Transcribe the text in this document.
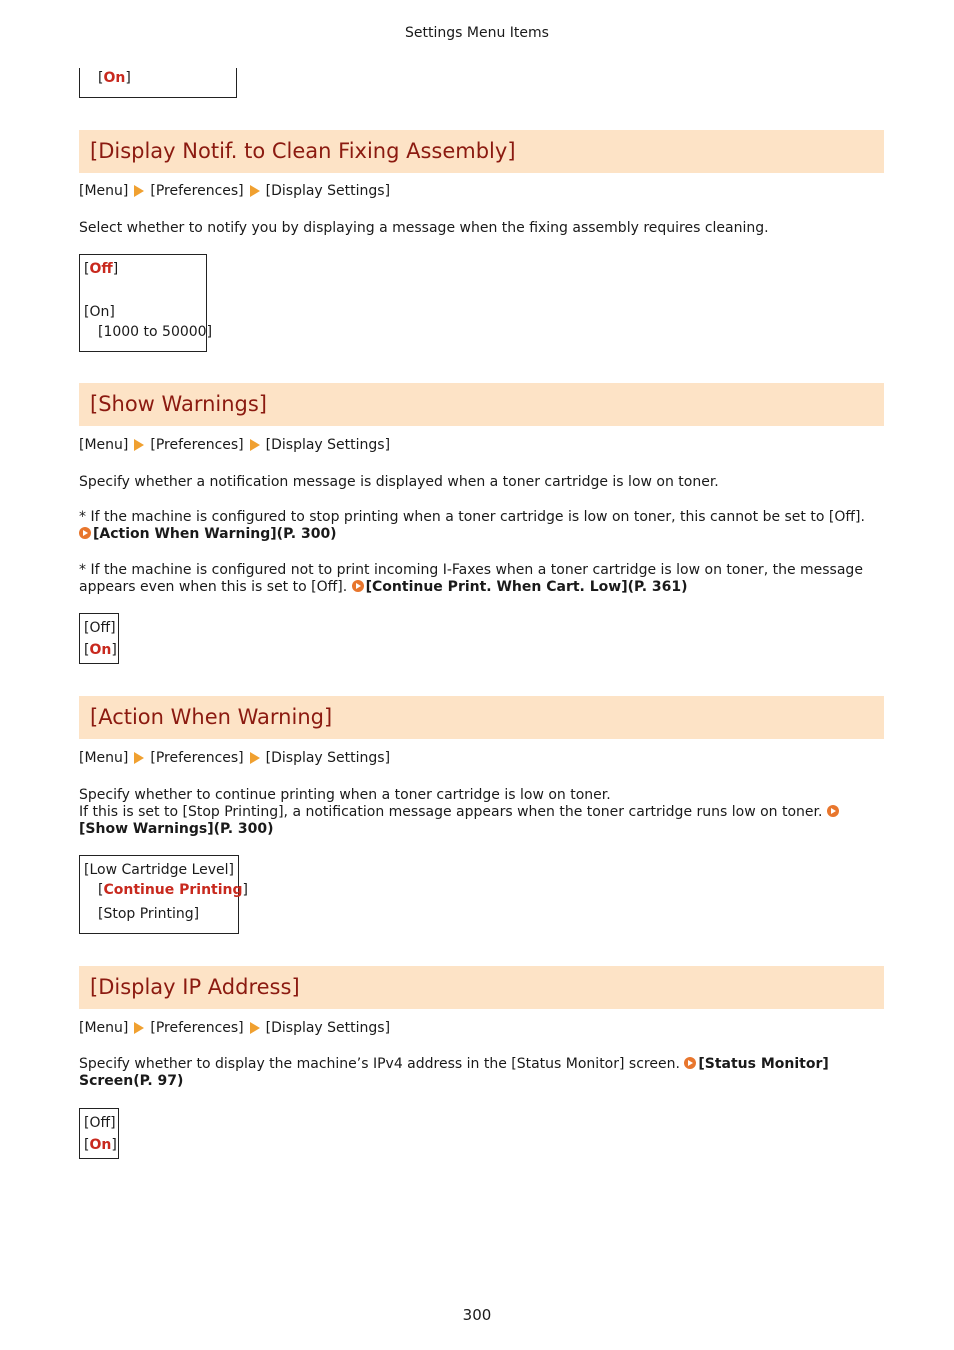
Settings Menu Items
[On]
[Display Notif. to Clean Fixing Assembly]
[Menu] [Preferences] [Display Settings]
Select whether to notify you by displaying a message when the fixing assembly requires cleaning.
[Off]
[On]
[1000 to 50000]
[Show Warnings]
[Menu] [Preferences] [Display Settings]
Specify whether a notification message is displayed when a toner cartridge is low on toner.
* If the machine is configured to stop printing when a toner cartridge is low on toner, this cannot be set to [Off]. [Action When Warning](P. 300)
* If the machine is configured not to print incoming I-Faxes when a toner cartridge is low on toner, the message appears even when this is set to [Off]. [Continue Print. When Cart. Low](P. 361)
[Off]
[On]
[Action When Warning]
[Menu] [Preferences] [Display Settings]
Specify whether to continue printing when a toner cartridge is low on toner.
If this is set to [Stop Printing], a notification message appears when the toner cartridge runs low on toner. [Show Warnings](P. 300)
[Low Cartridge Level]
[Continue Printing]
[Stop Printing]
[Display IP Address]
[Menu] [Preferences] [Display Settings]
Specify whether to display the machine’s IPv4 address in the [Status Monitor] screen. [Status Monitor] Screen(P. 97)
[Off]
[On]
300
